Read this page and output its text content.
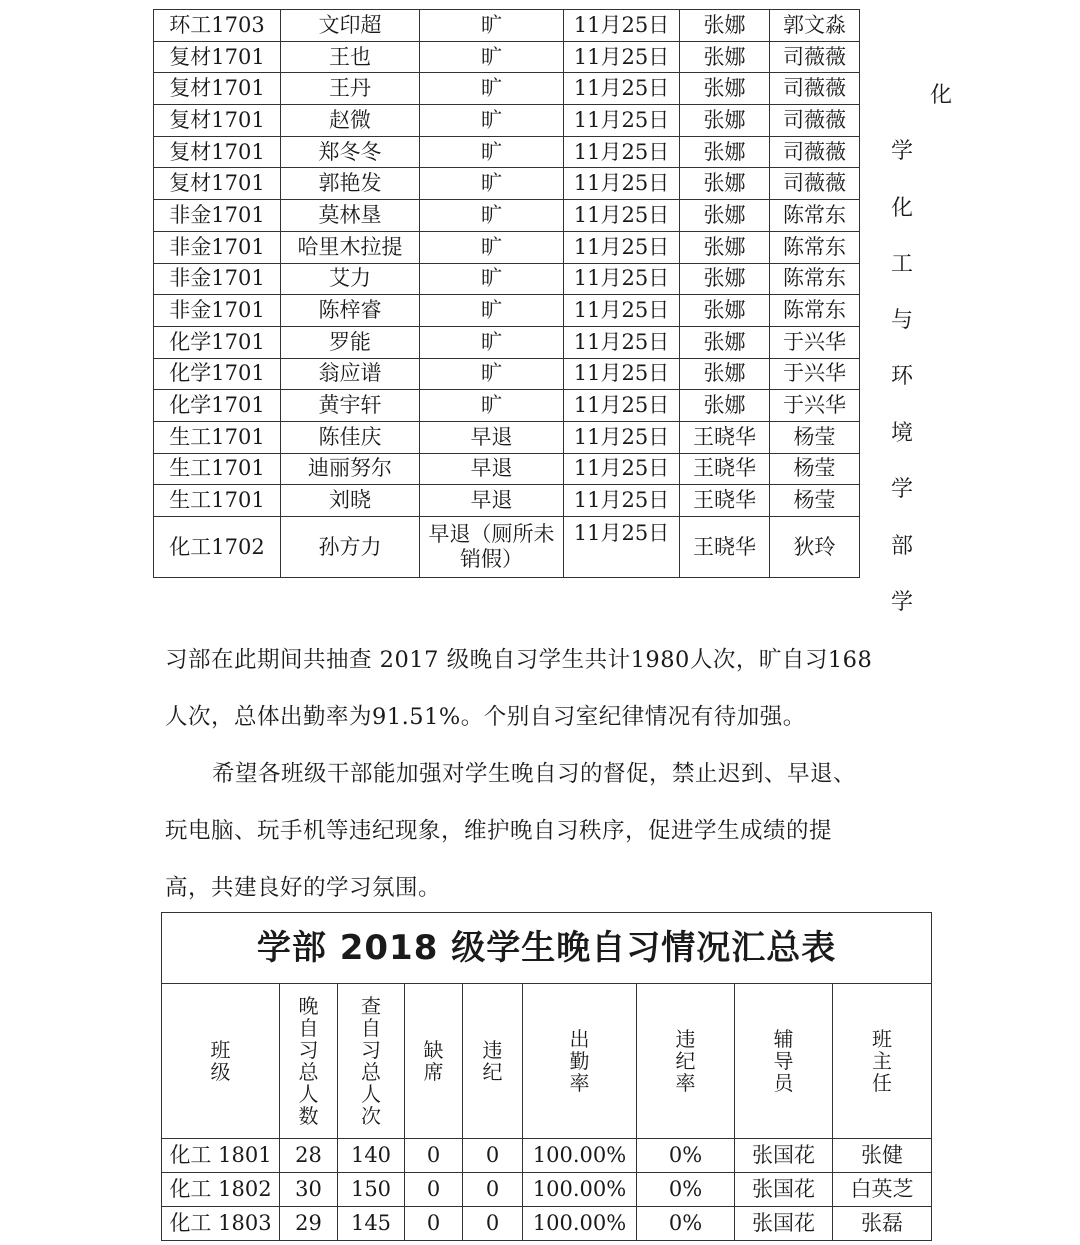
环工1703	文印超	旷	11月25日	张娜	郭文淼
复材1701	王也	旷	11月25日	张娜	司薇薇
复材1701	王丹	旷	11月25日	张娜	司薇薇
复材1701	赵微	旷	11月25日	张娜	司薇薇
复材1701	郑冬冬	旷	11月25日	张娜	司薇薇
复材1701	郭艳发	旷	11月25日	张娜	司薇薇
非金1701	莫林垦	旷	11月25日	张娜	陈常东
非金1701	哈里木拉提	旷	11月25日	张娜	陈常东
非金1701	艾力	旷	11月25日	张娜	陈常东
非金1701	陈梓睿	旷	11月25日	张娜	陈常东
化学1701	罗能	旷	11月25日	张娜	于兴华
化学1701	翁应谱	旷	11月25日	张娜	于兴华
化学1701	黄宇轩	旷	11月25日	张娜	于兴华
生工1701	陈佳庆	早退	11月25日	王晓华	杨莹
生工1701	迪丽努尔	早退	11月25日	王晓华	杨莹
生工1701	刘晓	早退	11月25日	王晓华	杨莹
化工1702	孙方力	早退（厕所未销假）	11月25日	王晓华	狄玲
化
学
化
工
与
环
境
学
部
学
习部在此期间共抽查 2017 级晚自习学生共计1980人次，旷自习168
人次，总体出勤率为91.51%。个别自习室纪律情况有待加强。
希望各班级干部能加强对学生晚自习的督促，禁止迟到、早退、
玩电脑、玩手机等违纪现象，维护晚自习秩序，促进学生成绩的提
高，共建良好的学习氛围。
学部 2018 级学生晚自习情况汇总表								
班级	晚自习总人数	查自习总人次	缺席	违纪	出勤率	违纪率	辅导员	班主任
化工 1801	28	140	0	0	100.00%	0%	张国花	张健
化工 1802	30	150	0	0	100.00%	0%	张国花	白英芝
化工 1803	29	145	0	0	100.00%	0%	张国花	张磊
